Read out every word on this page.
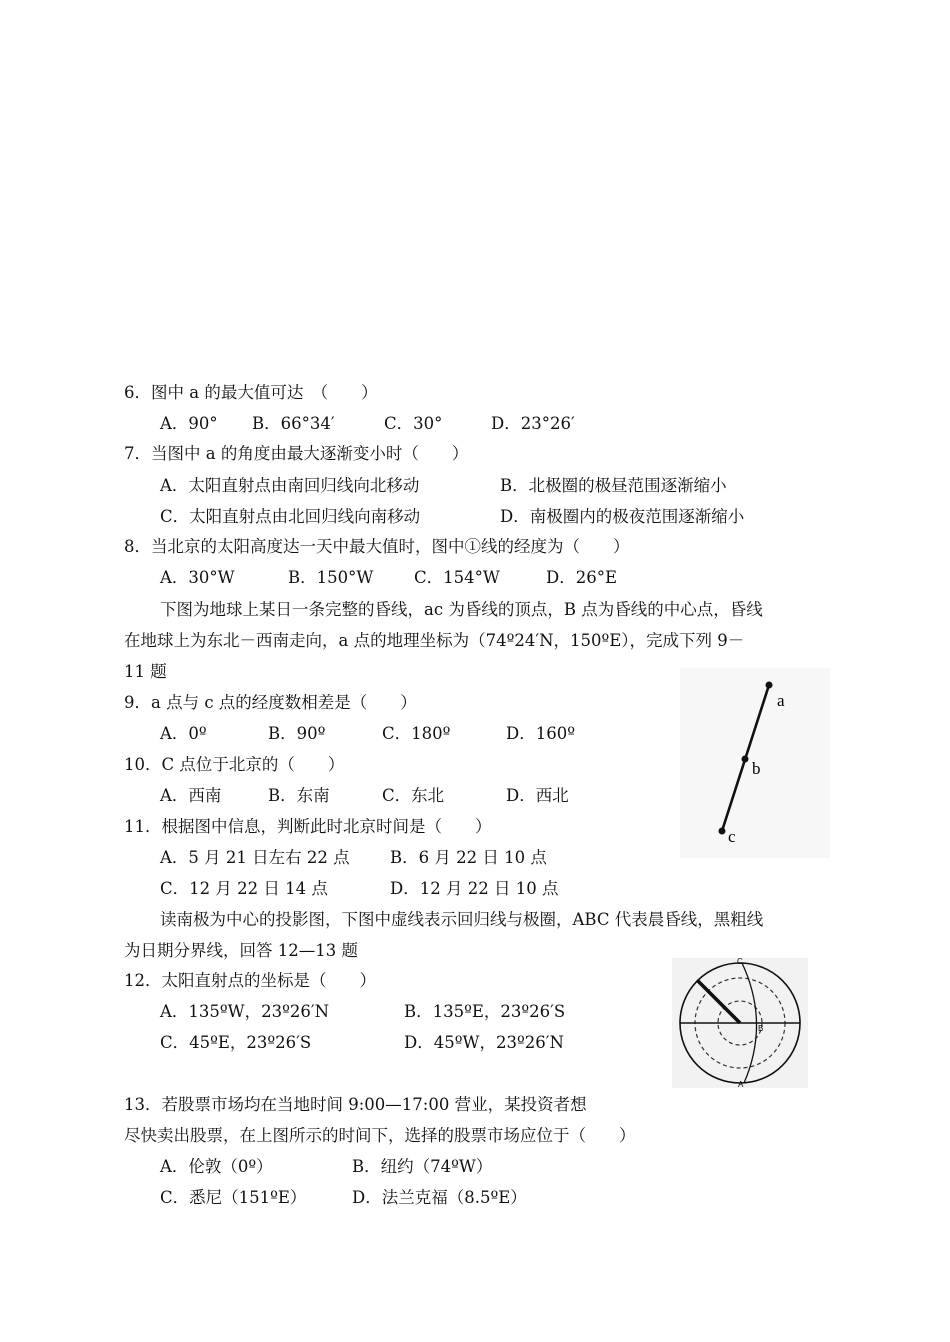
6．图中 a 的最大值可达　（　　）
A．90° B．66°34′	C．30°	D．23°26′
7．当图中 a 的角度由最大逐渐变小时（　　）
A．太阳直射点由南回归线向北移动	B．北极圈的极昼范围逐渐缩小
C．太阳直射点由北回归线向南移动	D．南极圈内的极夜范围逐渐缩小
8．当北京的太阳高度达一天中最大值时，图中①线的经度为（　　）
A．30°W	B．150°W C．154°W	D．26°E
下图为地球上某日一条完整的昏线，ac 为昏线的顶点，B 点为昏线的中心点，昏线
在地球上为东北－西南走向，a 点的地理坐标为（74º24′N，150ºE），完成下列 9－
11 题
9．a 点与 c 点的经度数相差是（　　）
A．0º	B．90º	C．180º	D．160º
10．C 点位于北京的（　　）
A．西南	B．东南	C．东北	D．西北
11．根据图中信息，判断此时北京时间是（　　）
A．5 月 21 日左右 22 点 B．6 月 22 日 10 点
C．12 月 22 日 14 点	D．12 月 22 日 10 点
读南极为中心的投影图，下图中虚线表示回归线与极圈，ABC 代表晨昏线，黑粗线
为日期分界线，回答 12—13 题
12．太阳直射点的坐标是（　　）
A．135ºW，23º26′N	B．135ºE，23º26′S
C．45ºE，23º26′S	D．45ºW，23º26′N
13．若股票市场均在当地时间 9:00—17:00 营业，某投资者想
尽快卖出股票，在上图所示的时间下，选择的股票市场应位于（　　）
A．伦敦（0º）	B．纽约（74ºW）
C．悉尼（151ºE）	D．法兰克福（8.5ºE）
a
b
c
C
B
A
